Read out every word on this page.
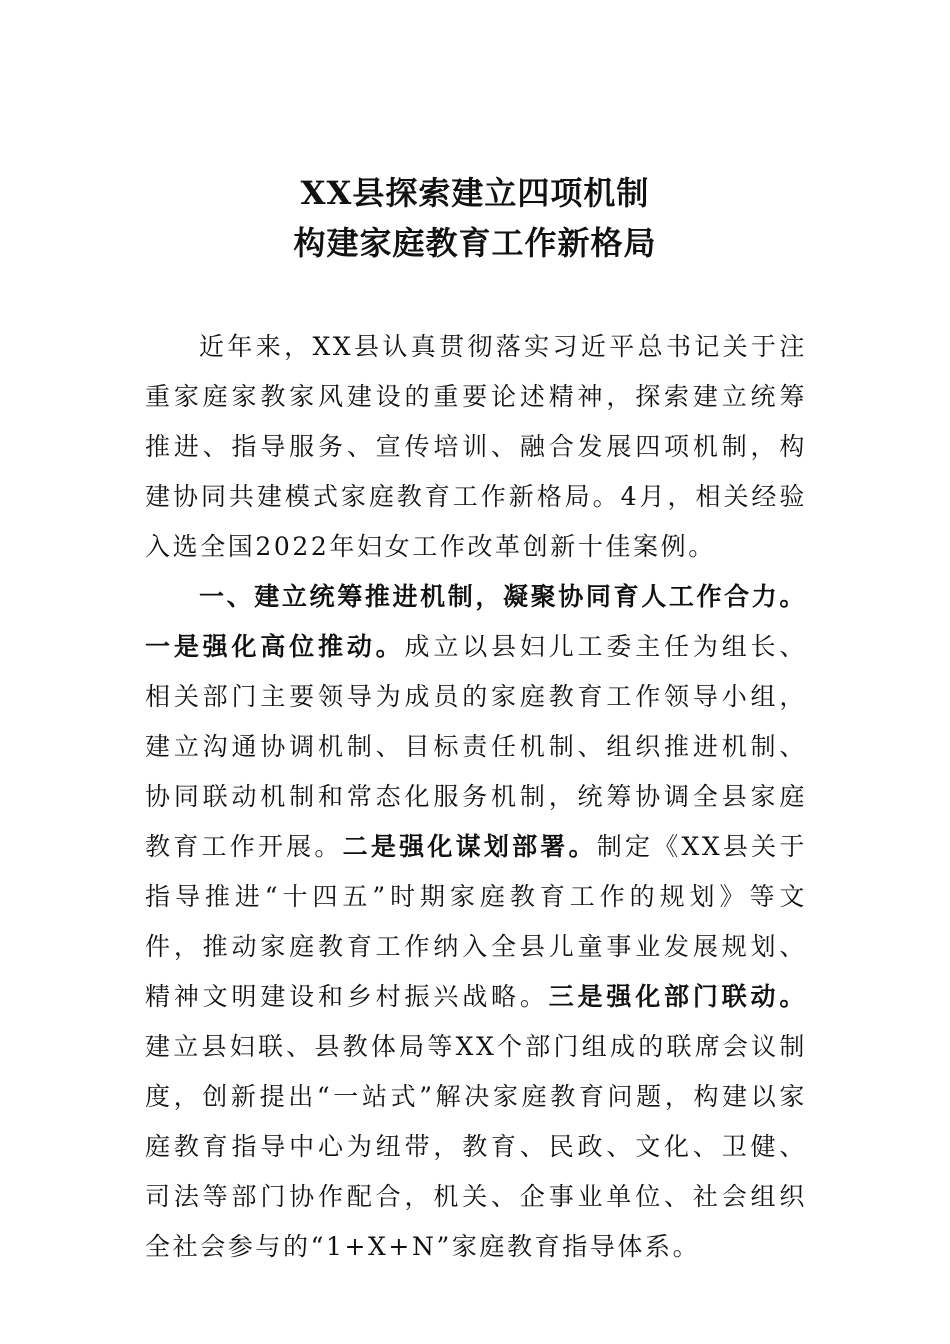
XX县探索建立四项机制
构建家庭教育工作新格局

近年来，XX县认真贯彻落实习近平总书记关于注重家庭家教家风建设的重要论述精神，探索建立统筹推进、指导服务、宣传培训、融合发展四项机制，构建协同共建模式家庭教育工作新格局。4月，相关经验入选全国2022年妇女工作改革创新十佳案例。

一、建立统筹推进机制，凝聚协同育人工作合力。一是强化高位推动。成立以县妇儿工委主任为组长、相关部门主要领导为成员的家庭教育工作领导小组，建立沟通协调机制、目标责任机制、组织推进机制、协同联动机制和常态化服务机制，统筹协调全县家庭教育工作开展。二是强化谋划部署。制定《XX县关于指导推进“十四五”时期家庭教育工作的规划》等文件，推动家庭教育工作纳入全县儿童事业发展规划、精神文明建设和乡村振兴战略。三是强化部门联动。建立县妇联、县教体局等XX个部门组成的联席会议制度，创新提出“一站式”解决家庭教育问题，构建以家庭教育指导中心为纽带，教育、民政、文化、卫健、司法等部门协作配合，机关、企事业单位、社会组织全社会参与的“1+X+N”家庭教育指导体系。
